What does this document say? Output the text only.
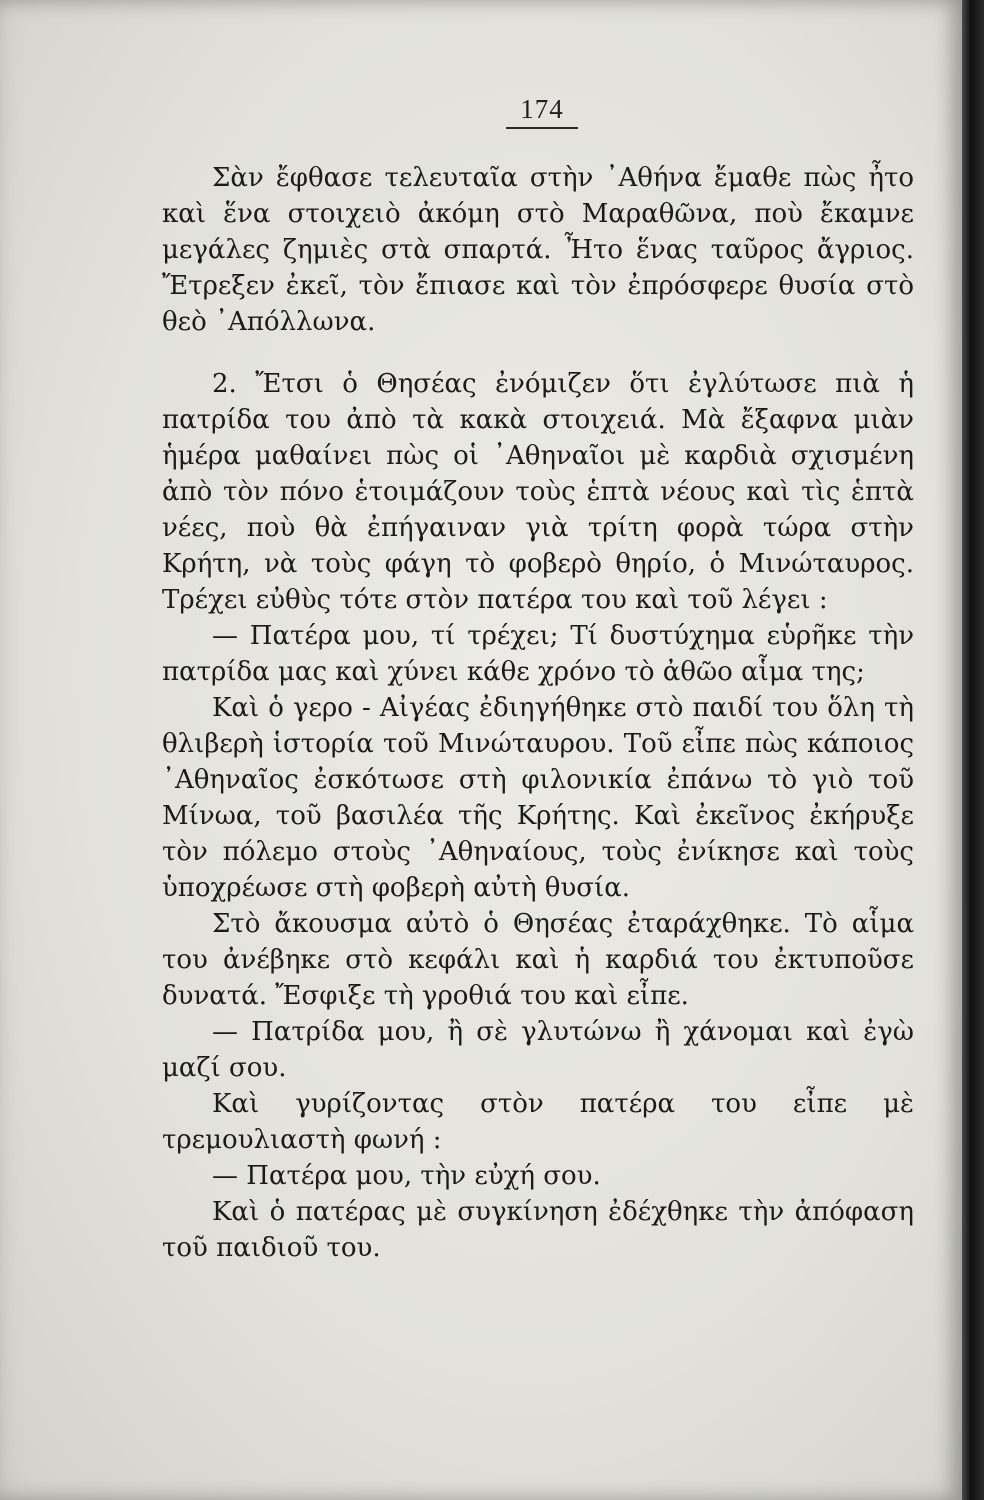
174

Σὰν ἔφθασε τελευταῖα στὴν ᾿Αθήνα ἔμαθε πὼς ἦτο καὶ ἕνα στοιχειὸ ἀκόμη στὸ Μαραθῶνα, ποὺ ἔκαμνε μεγάλες ζημιὲς στὰ σπαρτά. Ἦτο ἕνας ταῦρος ἄγριος. Ἔτρεξεν ἐκεῖ, τὸν ἔπιασε καὶ τὸν ἐπρόσφερε θυσία στὸ θεὸ ᾿Απόλλωνα.

2. Ἔτσι ὁ Θησέας ἐνόμιζεν ὅτι ἐγλύτωσε πιὰ ἡ πατρίδα του ἀπὸ τὰ κακὰ στοιχειά. Μὰ ἔξαφνα μιὰν ἡμέρα μαθαίνει πὼς οἱ ᾿Αθηναῖοι μὲ καρδιὰ σχισμένη ἀπὸ τὸν πόνο ἑτοιμάζουν τοὺς ἑπτὰ νέους καὶ τὶς ἑπτὰ νέες, ποὺ θὰ ἐπήγαιναν γιὰ τρίτη φορὰ τώρα στὴν Κρήτη, νὰ τοὺς φάγη τὸ φοβερὸ θηρίο, ὁ Μινώταυρος. Τρέχει εὐθὺς τότε στὸν πατέρα του καὶ τοῦ λέγει :

— Πατέρα μου, τί τρέχει; Τί δυστύχημα εὑρῆκε τὴν πατρίδα μας καὶ χύνει κάθε χρόνο τὸ ἀθῶο αἷμα της;

Καὶ ὁ γερο - Αἰγέας ἐδιηγήθηκε στὸ παιδί του ὅλη τὴ θλιβερὴ ἱστορία τοῦ Μινώταυρου. Τοῦ εἶπε πὼς κάποιος ᾿Αθηναῖος ἐσκότωσε στὴ φιλονικία ἐπάνω τὸ γιὸ τοῦ Μίνωα, τοῦ βασιλέα τῆς Κρήτης. Καὶ ἐκεῖνος ἐκήρυξε τὸν πόλεμο στοὺς ᾿Αθηναίους, τοὺς ἐνίκησε καὶ τοὺς ὑποχρέωσε στὴ φοβερὴ αὐτὴ θυσία.

Στὸ ἄκουσμα αὐτὸ ὁ Θησέας ἐταράχθηκε. Τὸ αἷμα του ἀνέβηκε στὸ κεφάλι καὶ ἡ καρδιά του ἐκτυποῦσε δυνατά. Ἔσφιξε τὴ γροθιά του καὶ εἶπε.

— Πατρίδα μου, ἢ σὲ γλυτώνω ἢ χάνομαι καὶ ἐγὼ μαζί σου.

Καὶ γυρίζοντας στὸν πατέρα του εἶπε μὲ τρεμουλιαστὴ φωνή :

— Πατέρα μου, τὴν εὐχή σου.

Καὶ ὁ πατέρας μὲ συγκίνηση ἐδέχθηκε τὴν ἀπόφαση τοῦ παιδιοῦ του.
